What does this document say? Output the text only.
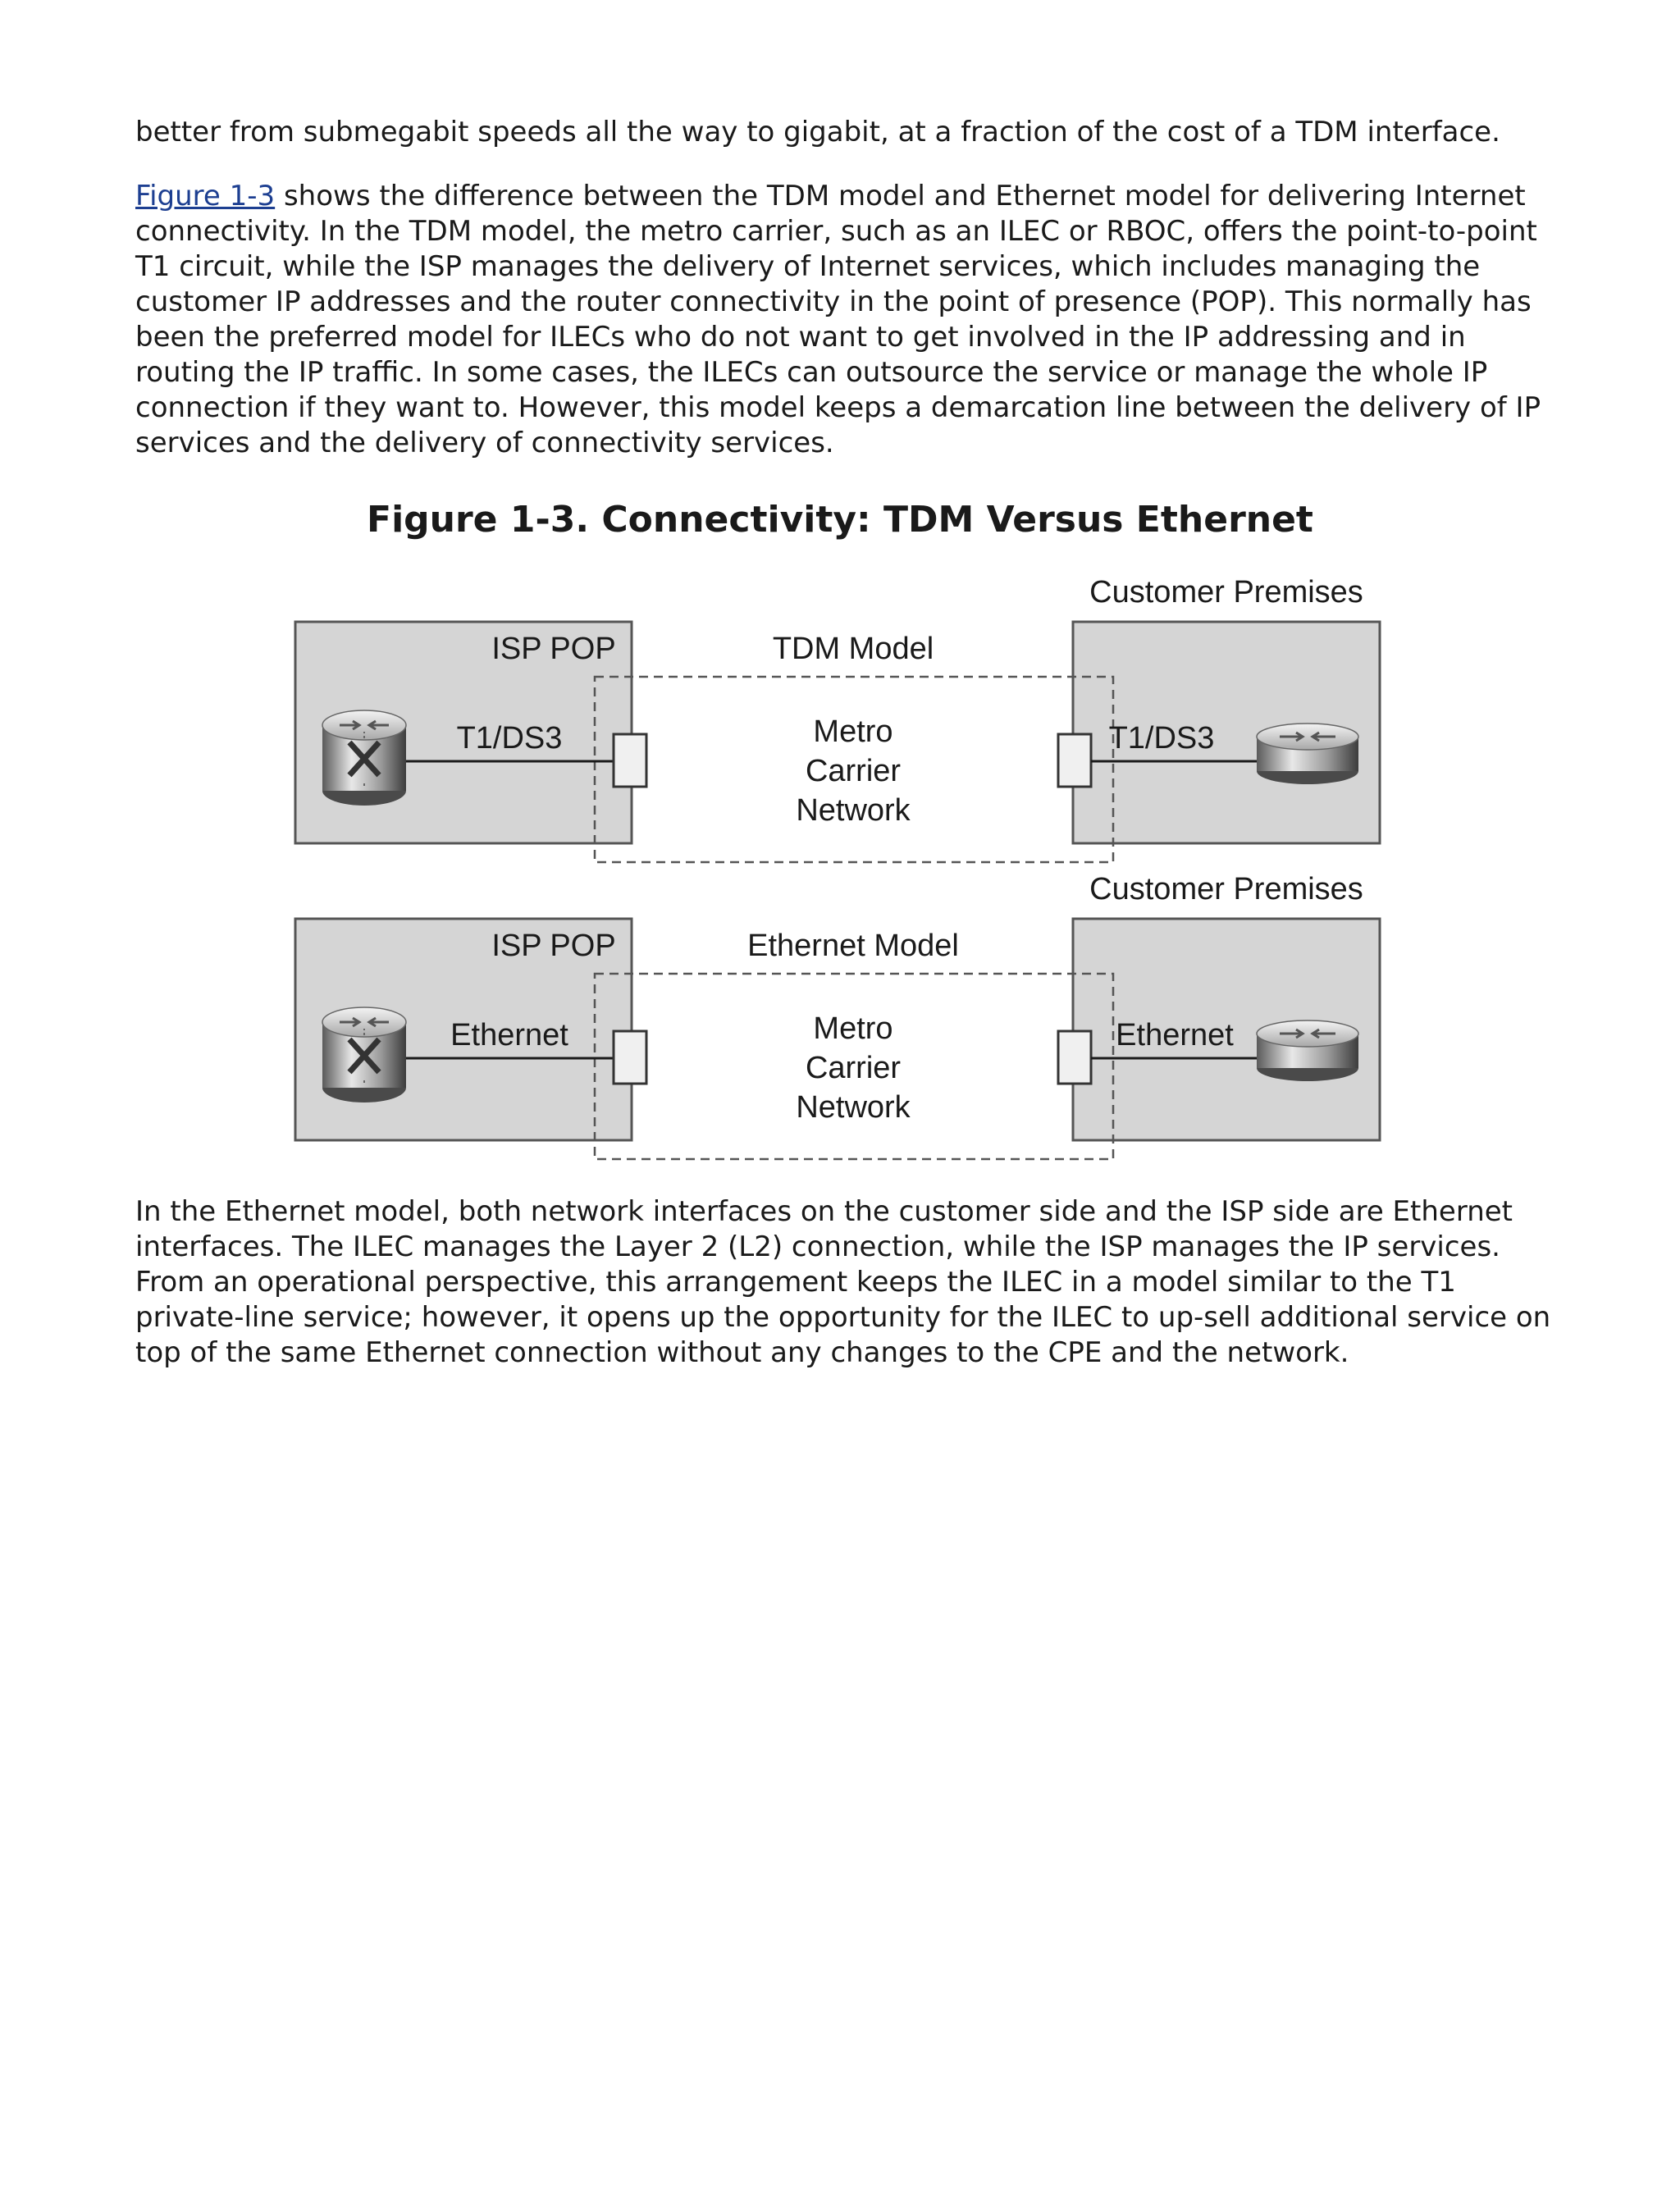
better from submegabit speeds all the way to gigabit, at a fraction of the cost of a TDM interface.

Figure 1-3 shows the difference between the TDM model and Ethernet model for delivering Internet connectivity. In the TDM model, the metro carrier, such as an ILEC or RBOC, offers the point-to-point T1 circuit, while the ISP manages the delivery of Internet services, which includes managing the customer IP addresses and the router connectivity in the point of presence (POP). This normally has been the preferred model for ILECs who do not want to get involved in the IP addressing and in routing the IP traffic. In some cases, the ILECs can outsource the service or manage the whole IP connection if they want to. However, this model keeps a demarcation line between the delivery of IP services and the delivery of connectivity services.

Figure 1-3. Connectivity: TDM Versus Ethernet
Customer Premises
ISP POP	TDM Model
T1/DS3	Metro
Carrier
Network
T1/DS3
Customer Premises
ISP POP	Ethernet Model
Ethernet	Metro
Carrier
Network
Ethernet

In the Ethernet model, both network interfaces on the customer side and the ISP side are Ethernet interfaces. The ILEC manages the Layer 2 (L2) connection, while the ISP manages the IP services. From an operational perspective, this arrangement keeps the ILEC in a model similar to the T1 private-line service; however, it opens up the opportunity for the ILEC to up-sell additional service on top of the same Ethernet connection without any changes to the CPE and the network.
